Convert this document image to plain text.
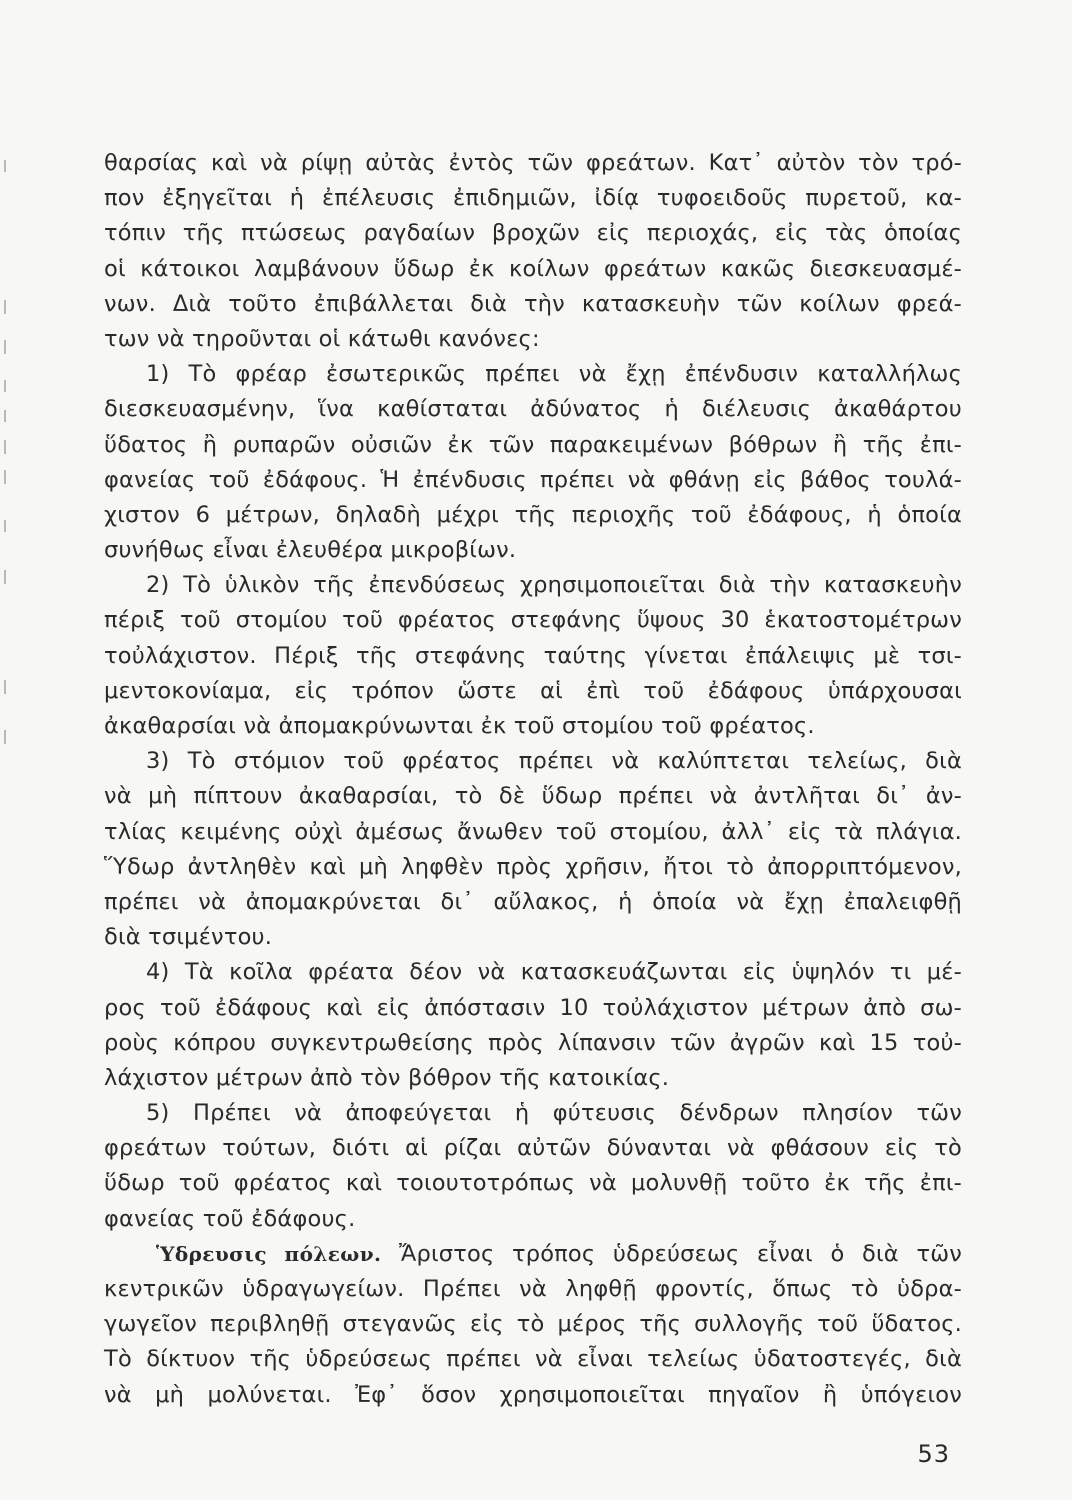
θαρσίας καὶ νὰ ρίψῃ αὐτὰς ἐντὸς τῶν φρεάτων. Κατ᾽ αὐτὸν τὸν τρό-
πον ἐξηγεῖται ἡ ἐπέλευσις ἐπιδημιῶν, ἰδίᾳ τυφοειδοῦς πυρετοῦ, κα-
τόπιν τῆς πτώσεως ραγδαίων βροχῶν εἰς περιοχάς, εἰς τὰς ὁποίας
οἱ κάτοικοι λαμβάνουν ὕδωρ ἐκ κοίλων φρεάτων κακῶς διεσκευασμέ-
νων. Διὰ τοῦτο ἐπιβάλλεται διὰ τὴν κατασκευὴν τῶν κοίλων φρεά-
των νὰ τηροῦνται οἱ κάτωθι κανόνες:
1) Τὸ φρέαρ ἐσωτερικῶς πρέπει νὰ ἔχῃ ἐπένδυσιν καταλλήλως
διεσκευασμένην, ἵνα καθίσταται ἀδύνατος ἡ διέλευσις ἀκαθάρτου
ὕδατος ἢ ρυπαρῶν οὐσιῶν ἐκ τῶν παρακειμένων βόθρων ἢ τῆς ἐπι-
φανείας τοῦ ἐδάφους. Ἡ ἐπένδυσις πρέπει νὰ φθάνῃ εἰς βάθος τουλά-
χιστον 6 μέτρων, δηλαδὴ μέχρι τῆς περιοχῆς τοῦ ἐδάφους, ἡ ὁποία
συνήθως εἶναι ἐλευθέρα μικροβίων.
2) Τὸ ὑλικὸν τῆς ἐπενδύσεως χρησιμοποιεῖται διὰ τὴν κατασκευὴν
πέριξ τοῦ στομίου τοῦ φρέατος στεφάνης ὕψους 30 ἑκατοστομέτρων
τοὐλάχιστον. Πέριξ τῆς στεφάνης ταύτης γίνεται ἐπάλειψις μὲ τσι-
μεντοκονίαμα, εἰς τρόπον ὥστε αἱ ἐπὶ τοῦ ἐδάφους ὑπάρχουσαι
ἀκαθαρσίαι νὰ ἀπομακρύνωνται ἐκ τοῦ στομίου τοῦ φρέατος.
3) Τὸ στόμιον τοῦ φρέατος πρέπει νὰ καλύπτεται τελείως, διὰ
νὰ μὴ πίπτουν ἀκαθαρσίαι, τὸ δὲ ὕδωρ πρέπει νὰ ἀντλῆται δι᾽ ἀν-
τλίας κειμένης οὐχὶ ἀμέσως ἄνωθεν τοῦ στομίου, ἀλλ᾽ εἰς τὰ πλάγια.
Ὕδωρ ἀντληθὲν καὶ μὴ ληφθὲν πρὸς χρῆσιν, ἤτοι τὸ ἀπορριπτόμενον,
πρέπει νὰ ἀπομακρύνεται δι᾽ αὔλακος, ἡ ὁποία νὰ ἔχῃ ἐπαλειφθῇ
διὰ τσιμέντου.
4) Τὰ κοῖλα φρέατα δέον νὰ κατασκευάζωνται εἰς ὑψηλόν τι μέ-
ρος τοῦ ἐδάφους καὶ εἰς ἀπόστασιν 10 τοὐλάχιστον μέτρων ἀπὸ σω-
ροὺς κόπρου συγκεντρωθείσης πρὸς λίπανσιν τῶν ἀγρῶν καὶ 15 τοὐ-
λάχιστον μέτρων ἀπὸ τὸν βόθρον τῆς κατοικίας.
5) Πρέπει νὰ ἀποφεύγεται ἡ φύτευσις δένδρων πλησίον τῶν
φρεάτων τούτων, διότι αἱ ρίζαι αὐτῶν δύνανται νὰ φθάσουν εἰς τὸ
ὕδωρ τοῦ φρέατος καὶ τοιουτοτρόπως νὰ μολυνθῇ τοῦτο ἐκ τῆς ἐπι-
φανείας τοῦ ἐδάφους.
Ὑδρευσις πόλεων. Ἄριστος τρόπος ὑδρεύσεως εἶναι ὁ διὰ τῶν
κεντρικῶν ὑδραγωγείων. Πρέπει νὰ ληφθῇ φροντίς, ὅπως τὸ ὑδρα-
γωγεῖον περιβληθῇ στεγανῶς εἰς τὸ μέρος τῆς συλλογῆς τοῦ ὕδατος.
Τὸ δίκτυον τῆς ὑδρεύσεως πρέπει νὰ εἶναι τελείως ὑδατοστεγές, διὰ
νὰ μὴ μολύνεται. Ἐφ᾽ ὅσον χρησιμοποιεῖται πηγαῖον ἢ ὑπόγειον
53
